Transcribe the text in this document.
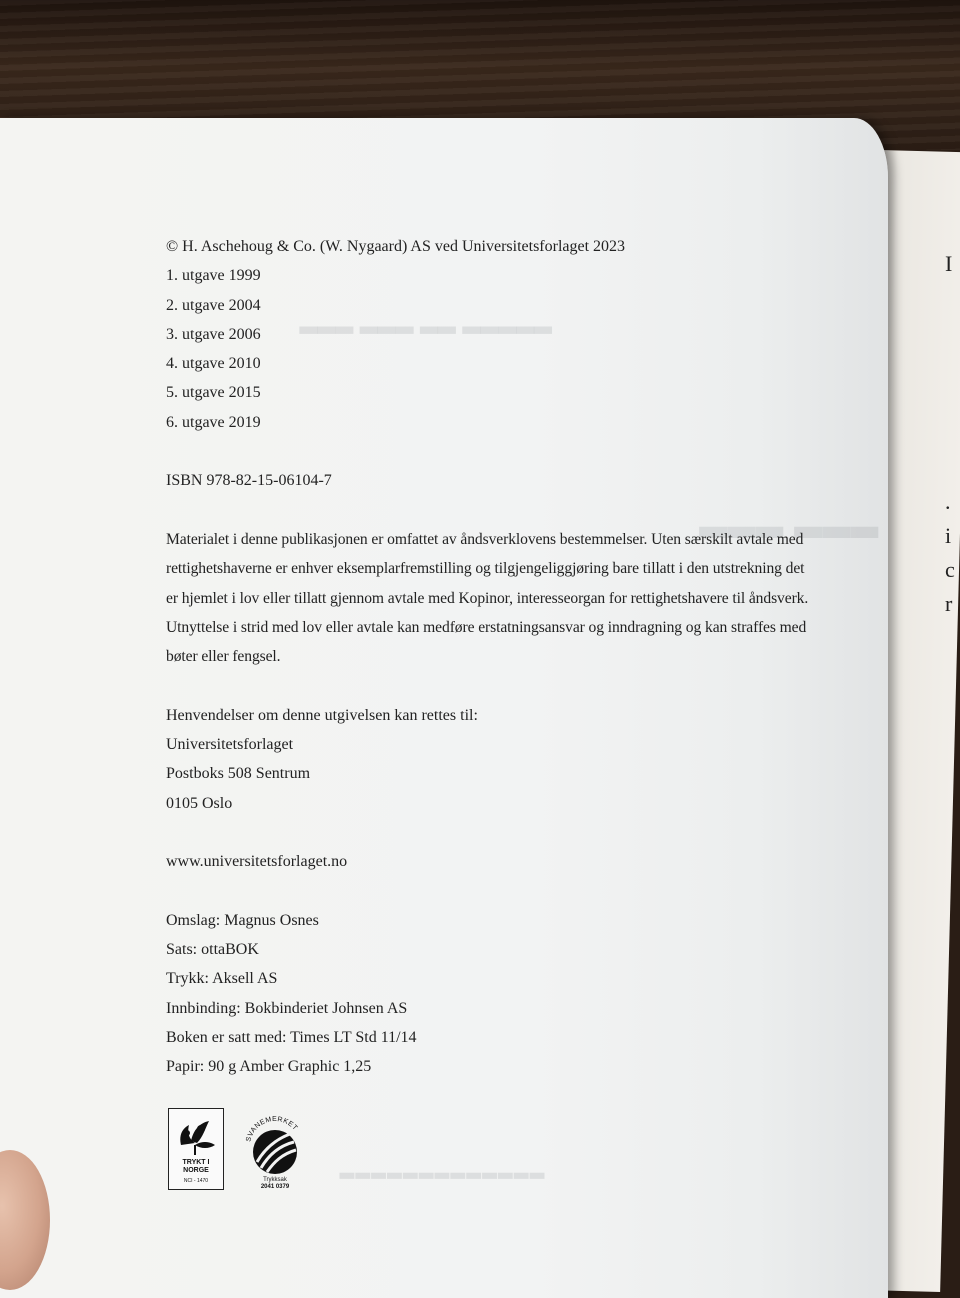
I
.
i
c
r
▂▂▂ ▂▂▂ ▂▂ ▂▂▂▂▂
▂▂▂ ▂▂▂
▂▂▂▂▂▂▂▂▂▂▂▂▂
© H. Aschehoug & Co. (W. Nygaard) AS ved Universitetsforlaget 2023
1. utgave 1999
2. utgave 2004
3. utgave 2006
4. utgave 2010
5. utgave 2015
6. utgave 2019
ISBN 978-82-15-06104-7
Materialet i denne publikasjonen er omfattet av åndsverklovens bestemmelser. Uten særskilt avtale med
rettighetshaverne er enhver eksemplarfremstilling og tilgjengeliggjøring bare tillatt i den utstrekning det
er hjemlet i lov eller tillatt gjennom avtale med Kopinor, interesseorgan for rettighetshavere til åndsverk.
Utnyttelse i strid med lov eller avtale kan medføre erstatningsansvar og inndragning og kan straffes med
bøter eller fengsel.
Henvendelser om denne utgivelsen kan rettes til:
Universitetsforlaget
Postboks 508 Sentrum
0105 Oslo
www.universitetsforlaget.no
Omslag: Magnus Osnes
Sats: ottaBOK
Trykk: Aksell AS
Innbinding: Bokbinderiet Johnsen AS
Boken er satt med: Times LT Std 11/14
Papir: 90 g Amber Graphic 1,25
TRYKT I
NORGE
NCI - 1470
SVANEMERKET
Trykksak
2041 0379
